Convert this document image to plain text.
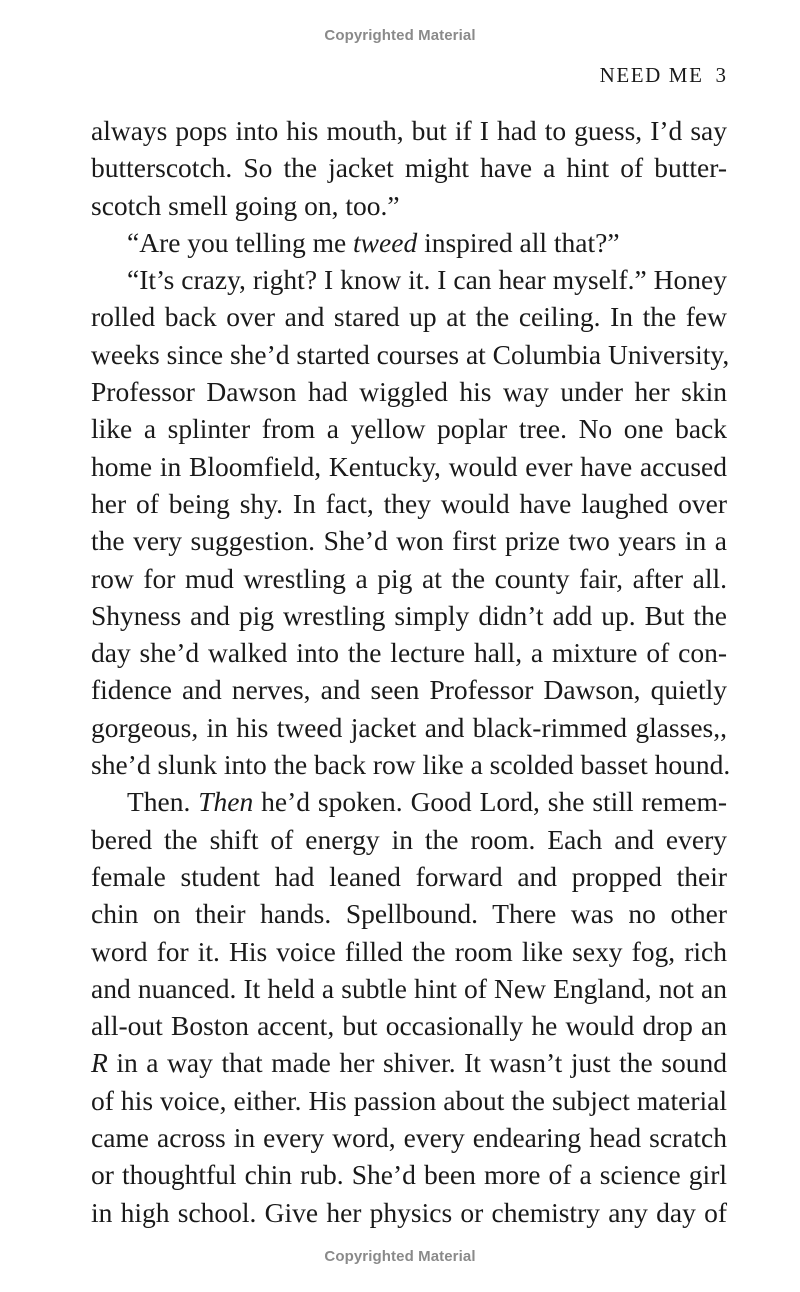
Copyrighted Material
NEED ME 3
always pops into his mouth, but if I had to guess, I’d say
butterscotch. So the jacket might have a hint of butter-
scotch smell going on, too.”
“Are you telling me tweed inspired all that?”
“It’s crazy, right? I know it. I can hear myself.” Honey
rolled back over and stared up at the ceiling. In the few
weeks since she’d started courses at Columbia University,
Professor Dawson had wiggled his way under her skin
like a splinter from a yellow poplar tree. No one back
home in Bloomfield, Kentucky, would ever have accused
her of being shy. In fact, they would have laughed over
the very suggestion. She’d won first prize two years in a
row for mud wrestling a pig at the county fair, after all.
Shyness and pig wrestling simply didn’t add up. But the
day she’d walked into the lecture hall, a mixture of con-
fidence and nerves, and seen Professor Dawson, quietly
gorgeous, in his tweed jacket and black-rimmed glasses,,
she’d slunk into the back row like a scolded basset hound.
Then. Then he’d spoken. Good Lord, she still remem-
bered the shift of energy in the room. Each and every
female student had leaned forward and propped their
chin on their hands. Spellbound. There was no other
word for it. His voice filled the room like sexy fog, rich
and nuanced. It held a subtle hint of New England, not an
all-out Boston accent, but occasionally he would drop an
R in a way that made her shiver. It wasn’t just the sound
of his voice, either. His passion about the subject material
came across in every word, every endearing head scratch
or thoughtful chin rub. She’d been more of a science girl
in high school. Give her physics or chemistry any day of
Copyrighted Material
